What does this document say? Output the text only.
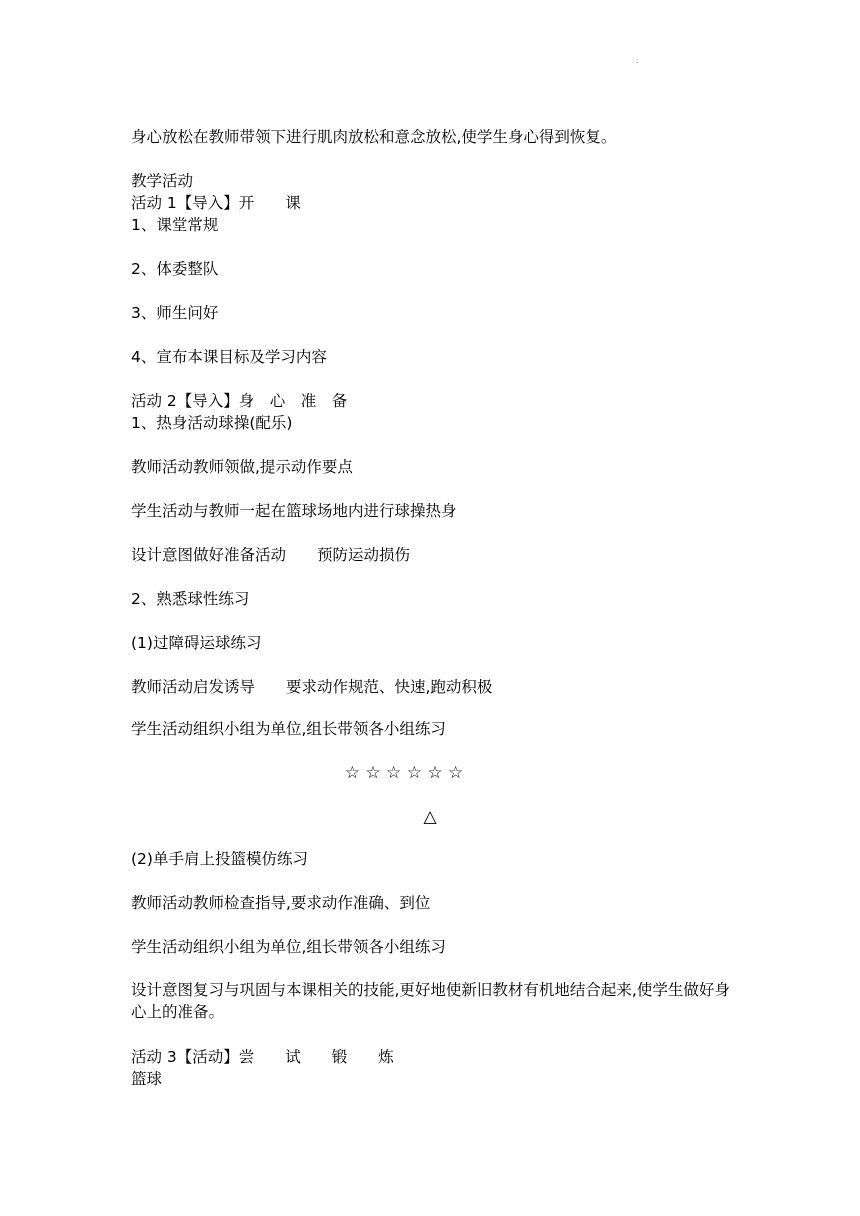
.
身心放松在教师带领下进行肌肉放松和意念放松,使学生身心得到恢复。
教学活动
活动 1【导入】开　　课
1、课堂常规
2、体委整队
3、师生问好
4、宣布本课目标及学习内容
活动 2【导入】身　心　准　备
1、热身活动球操(配乐)
教师活动教师领做,提示动作要点
学生活动与教师一起在篮球场地内进行球操热身
设计意图做好准备活动　　预防运动损伤
2、熟悉球性练习
(1)过障碍运球练习
教师活动启发诱导　　要求动作规范、快速,跑动积极
学生活动组织小组为单位,组长带领各小组练习
☆ ☆ ☆ ☆ ☆ ☆
△
(2)单手肩上投篮模仿练习
教师活动教师检查指导,要求动作准确、到位
学生活动组织小组为单位,组长带领各小组练习
设计意图复习与巩固与本课相关的技能,更好地使新旧教材有机地结合起来,使学生做好身心上的准备。
活动 3【活动】尝　　试　　锻　　炼
篮球
